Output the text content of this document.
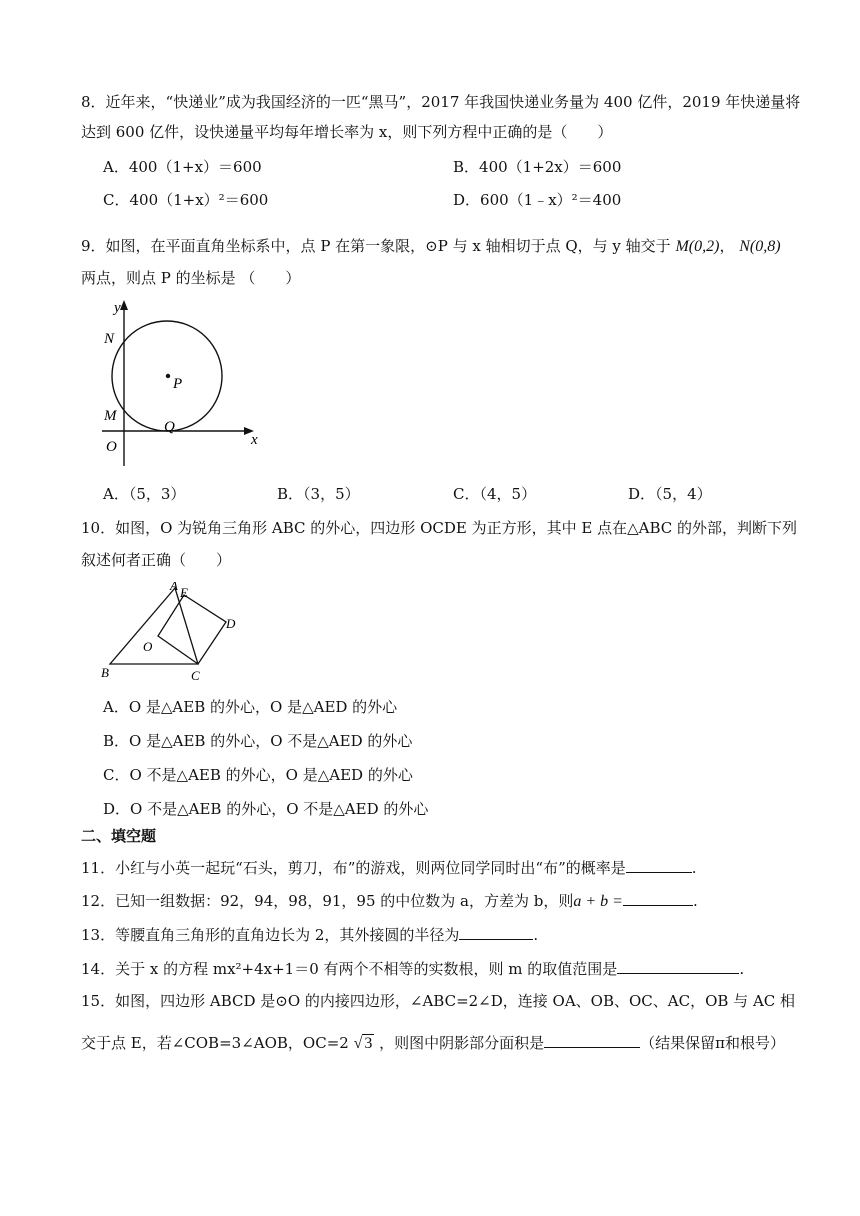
8．近年来，“快递业”成为我国经济的一匹“黑马”，2017 年我国快递业务量为 400 亿件，2019 年快递量将
达到 600 亿件，设快递量平均每年增长率为 x，则下列方程中正确的是（　　）
A．400（1+x）＝600	B．400（1+2x）＝600
C．400（1+x）²＝600	D．600（1﹣x）²＝400
9．如图，在平面直角坐标系中，点 P 在第一象限，⊙P 与 x 轴相切于点 Q，与 y 轴交于 M(0,2)， N(0,8)
两点，则点 P 的坐标是 （　　）
y
x
N
M
O
Q
P
A．（5，3）	B．（3，5）	C．（4，5）	D．（5，4）
10．如图，O 为锐角三角形 ABC 的外心，四边形 OCDE 为正方形，其中 E 点在△ABC 的外部，判断下列
叙述何者正确（　　）
A E
D
O
B	C
A．O 是△AEB 的外心，O 是△AED 的外心
B．O 是△AEB 的外心，O 不是△AED 的外心
C．O 不是△AEB 的外心，O 是△AED 的外心
D．O 不是△AEB 的外心，O 不是△AED 的外心
二、填空题
11．小红与小英一起玩“石头，剪刀，布”的游戏，则两位同学同时出“布”的概率是	.
12．已知一组数据：92，94，98，91，95 的中位数为 a，方差为 b，则a + b =	.
13．等腰直角三角形的直角边长为 2，其外接圆的半径为	.
14．关于 x 的方程 mx²+4x+1＝0 有两个不相等的实数根，则 m 的取值范围是	.
15．如图，四边形 ABCD 是⊙O 的内接四边形，∠ABC=2∠D，连接 OA、OB、OC、AC，OB 与 AC 相
交于点 E，若∠COB=3∠AOB，OC=2 √ 3 ，则图中阴影部分面积是	（结果保留π和根号）
